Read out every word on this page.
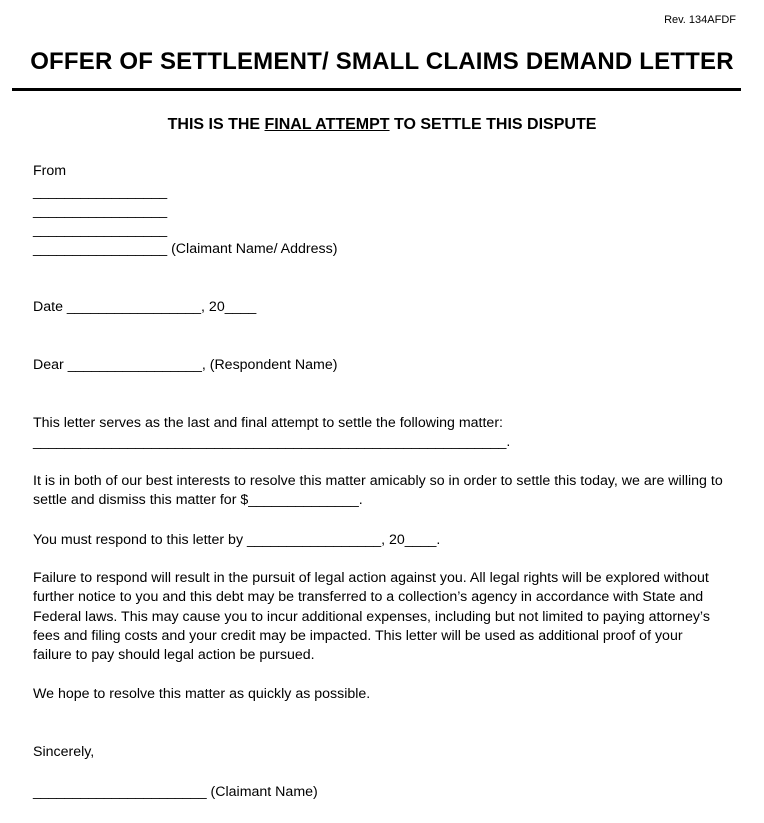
Rev. 134AFDF
OFFER OF SETTLEMENT/ SMALL CLAIMS DEMAND LETTER
THIS IS THE FINAL ATTEMPT TO SETTLE THIS DISPUTE
From
_________________
_________________
_________________
_________________ (Claimant Name/ Address)
Date _________________, 20____
Dear _________________, (Respondent Name)
This letter serves as the last and final attempt to settle the following matter:
____________________________________________________________.
It is in both of our best interests to resolve this matter amicably so in order to settle this today, we are willing to settle and dismiss this matter for $______________.
You must respond to this letter by _________________, 20____.
Failure to respond will result in the pursuit of legal action against you. All legal rights will be explored without further notice to you and this debt may be transferred to a collection’s agency in accordance with State and Federal laws. This may cause you to incur additional expenses, including but not limited to paying attorney’s fees and filing costs and your credit may be impacted. This letter will be used as additional proof of your failure to pay should legal action be pursued.
We hope to resolve this matter as quickly as possible.
Sincerely,
______________________ (Claimant Name)
